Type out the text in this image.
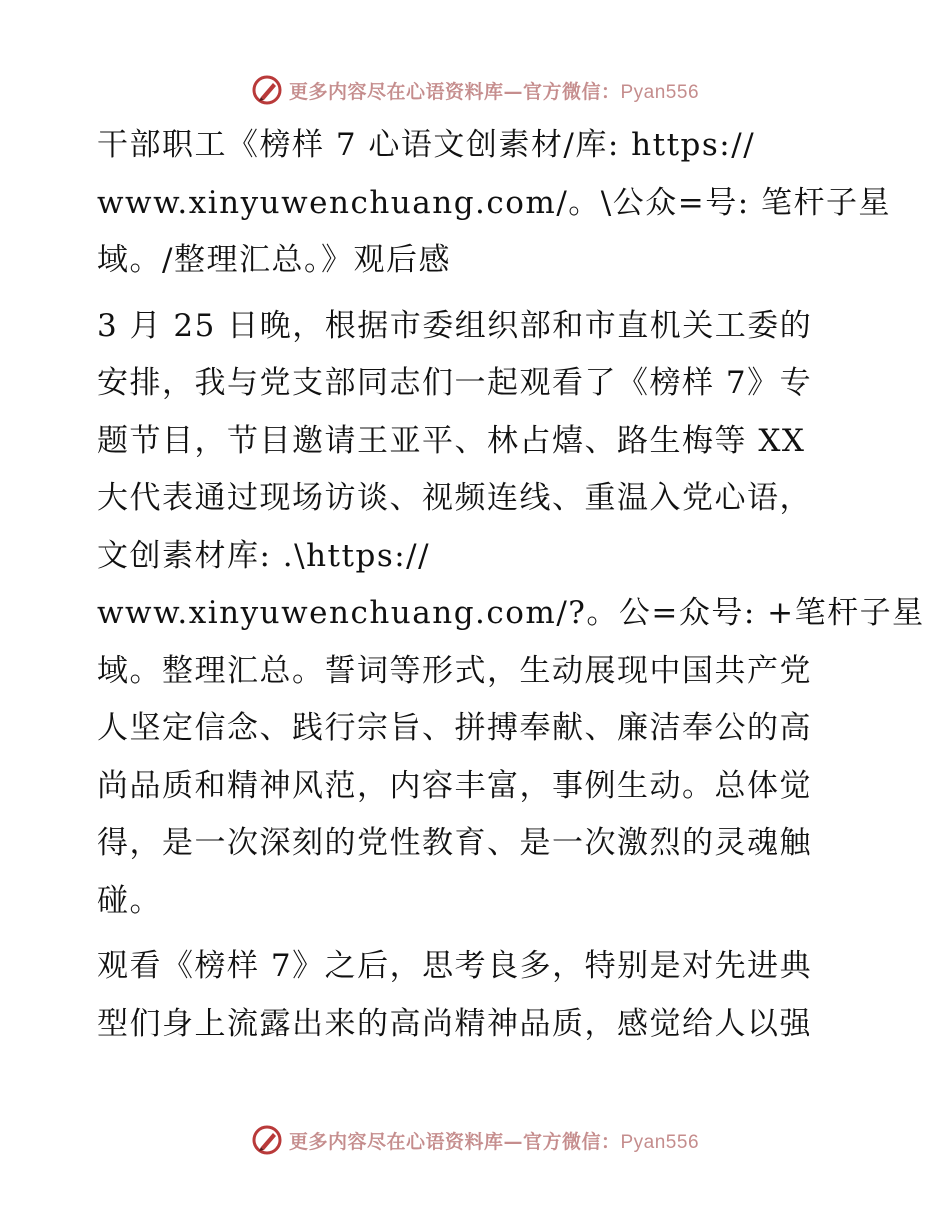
更多内容尽在心语资料库—官方微信：Pyan556
干部职工《榜样 7 心语文创素材/库: https://
www.xinyuwenchuang.com/。\公众=号: 笔杆子星
域。/整理汇总。》观后感
3 月 25 日晚，根据市委组织部和市直机关工委的
安排，我与党支部同志们一起观看了《榜样 7》专
题节目，节目邀请王亚平、林占熺、路生梅等 XX
大代表通过现场访谈、视频连线、重温入党心语，
文创素材库: .\https://
www.xinyuwenchuang.com/?。公=众号: +笔杆子星
域。整理汇总。誓词等形式，生动展现中国共产党
人坚定信念、践行宗旨、拼搏奉献、廉洁奉公的高
尚品质和精神风范，内容丰富，事例生动。总体觉
得，是一次深刻的党性教育、是一次激烈的灵魂触
碰。
观看《榜样 7》之后，思考良多，特别是对先进典
型们身上流露出来的高尚精神品质，感觉给人以强
更多内容尽在心语资料库—官方微信：Pyan556
